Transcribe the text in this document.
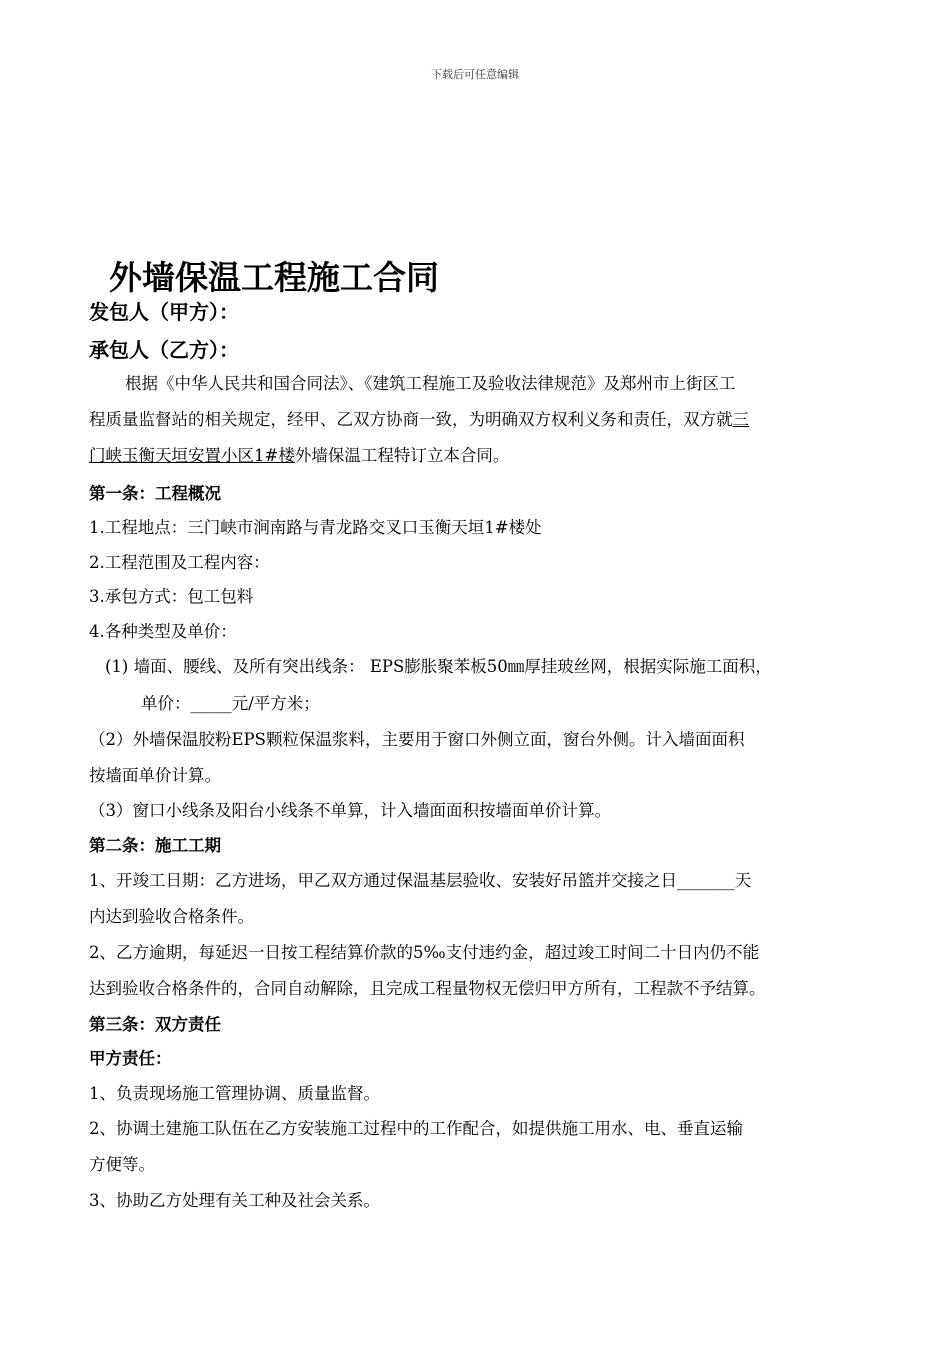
下载后可任意编辑
外墙保温工程施工合同
发包人（甲方）：
承包人（乙方）：
根据《中华人民共和国合同法》、《建筑工程施工及验收法律规范》及郑州市上街区工
程质量监督站的相关规定，经甲、乙双方协商一致，为明确双方权利义务和责任，双方就三
门峡玉衡天垣安置小区1#楼外墙保温工程特订立本合同。
第一条：工程概况
1.工程地点：三门峡市涧南路与青龙路交叉口玉衡天垣1#楼处
2.工程范围及工程内容：
3.承包方式：包工包料
4.各种类型及单价：
(1) 墙面、腰线、及所有突出线条： EPS膨胀聚苯板50㎜厚挂玻丝网，根据实际施工面积，
单价：_____元/平方米；
（2）外墙保温胶粉EPS颗粒保温浆料，主要用于窗口外侧立面，窗台外侧。计入墙面面积
按墙面单价计算。
（3）窗口小线条及阳台小线条不单算，计入墙面面积按墙面单价计算。
第二条：施工工期
1、开竣工日期：乙方进场，甲乙双方通过保温基层验收、安装好吊篮并交接之日_______天
内达到验收合格条件。
2、乙方逾期，每延迟一日按工程结算价款的5‰支付违约金，超过竣工时间二十日内仍不能
达到验收合格条件的，合同自动解除，且完成工程量物权无偿归甲方所有，工程款不予结算。
第三条：双方责任
甲方责任：
1、负责现场施工管理协调、质量监督。
2、协调土建施工队伍在乙方安装施工过程中的工作配合，如提供施工用水、电、垂直运输
方便等。
3、协助乙方处理有关工种及社会关系。
